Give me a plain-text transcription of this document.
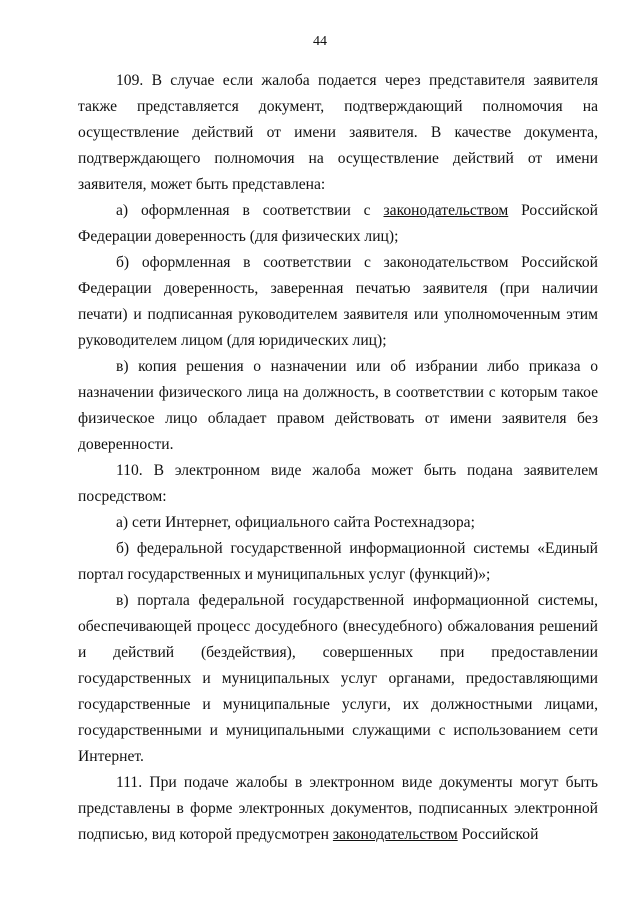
44

109. В случае если жалоба подается через представителя заявителя также представляется документ, подтверждающий полномочия на осуществление действий от имени заявителя. В качестве документа, подтверждающего полномочия на осуществление действий от имени заявителя, может быть представлена:

а) оформленная в соответствии с законодательством Российской Федерации доверенность (для физических лиц);

б) оформленная в соответствии с законодательством Российской Федерации доверенность, заверенная печатью заявителя (при наличии печати) и подписанная руководителем заявителя или уполномоченным этим руководителем лицом (для юридических лиц);

в) копия решения о назначении или об избрании либо приказа о назначении физического лица на должность, в соответствии с которым такое физическое лицо обладает правом действовать от имени заявителя без доверенности.

110. В электронном виде жалоба может быть подана заявителем посредством:

а) сети Интернет, официального сайта Ростехнадзора;

б) федеральной государственной информационной системы «Единый портал государственных и муниципальных услуг (функций)»;

в) портала федеральной государственной информационной системы, обеспечивающей процесс досудебного (внесудебного) обжалования решений и действий (бездействия), совершенных при предоставлении государственных и муниципальных услуг органами, предоставляющими государственные и муниципальные услуги, их должностными лицами, государственными и муниципальными служащими с использованием сети Интернет.

111. При подаче жалобы в электронном виде документы могут быть представлены в форме электронных документов, подписанных электронной подписью, вид которой предусмотрен законодательством Российской
